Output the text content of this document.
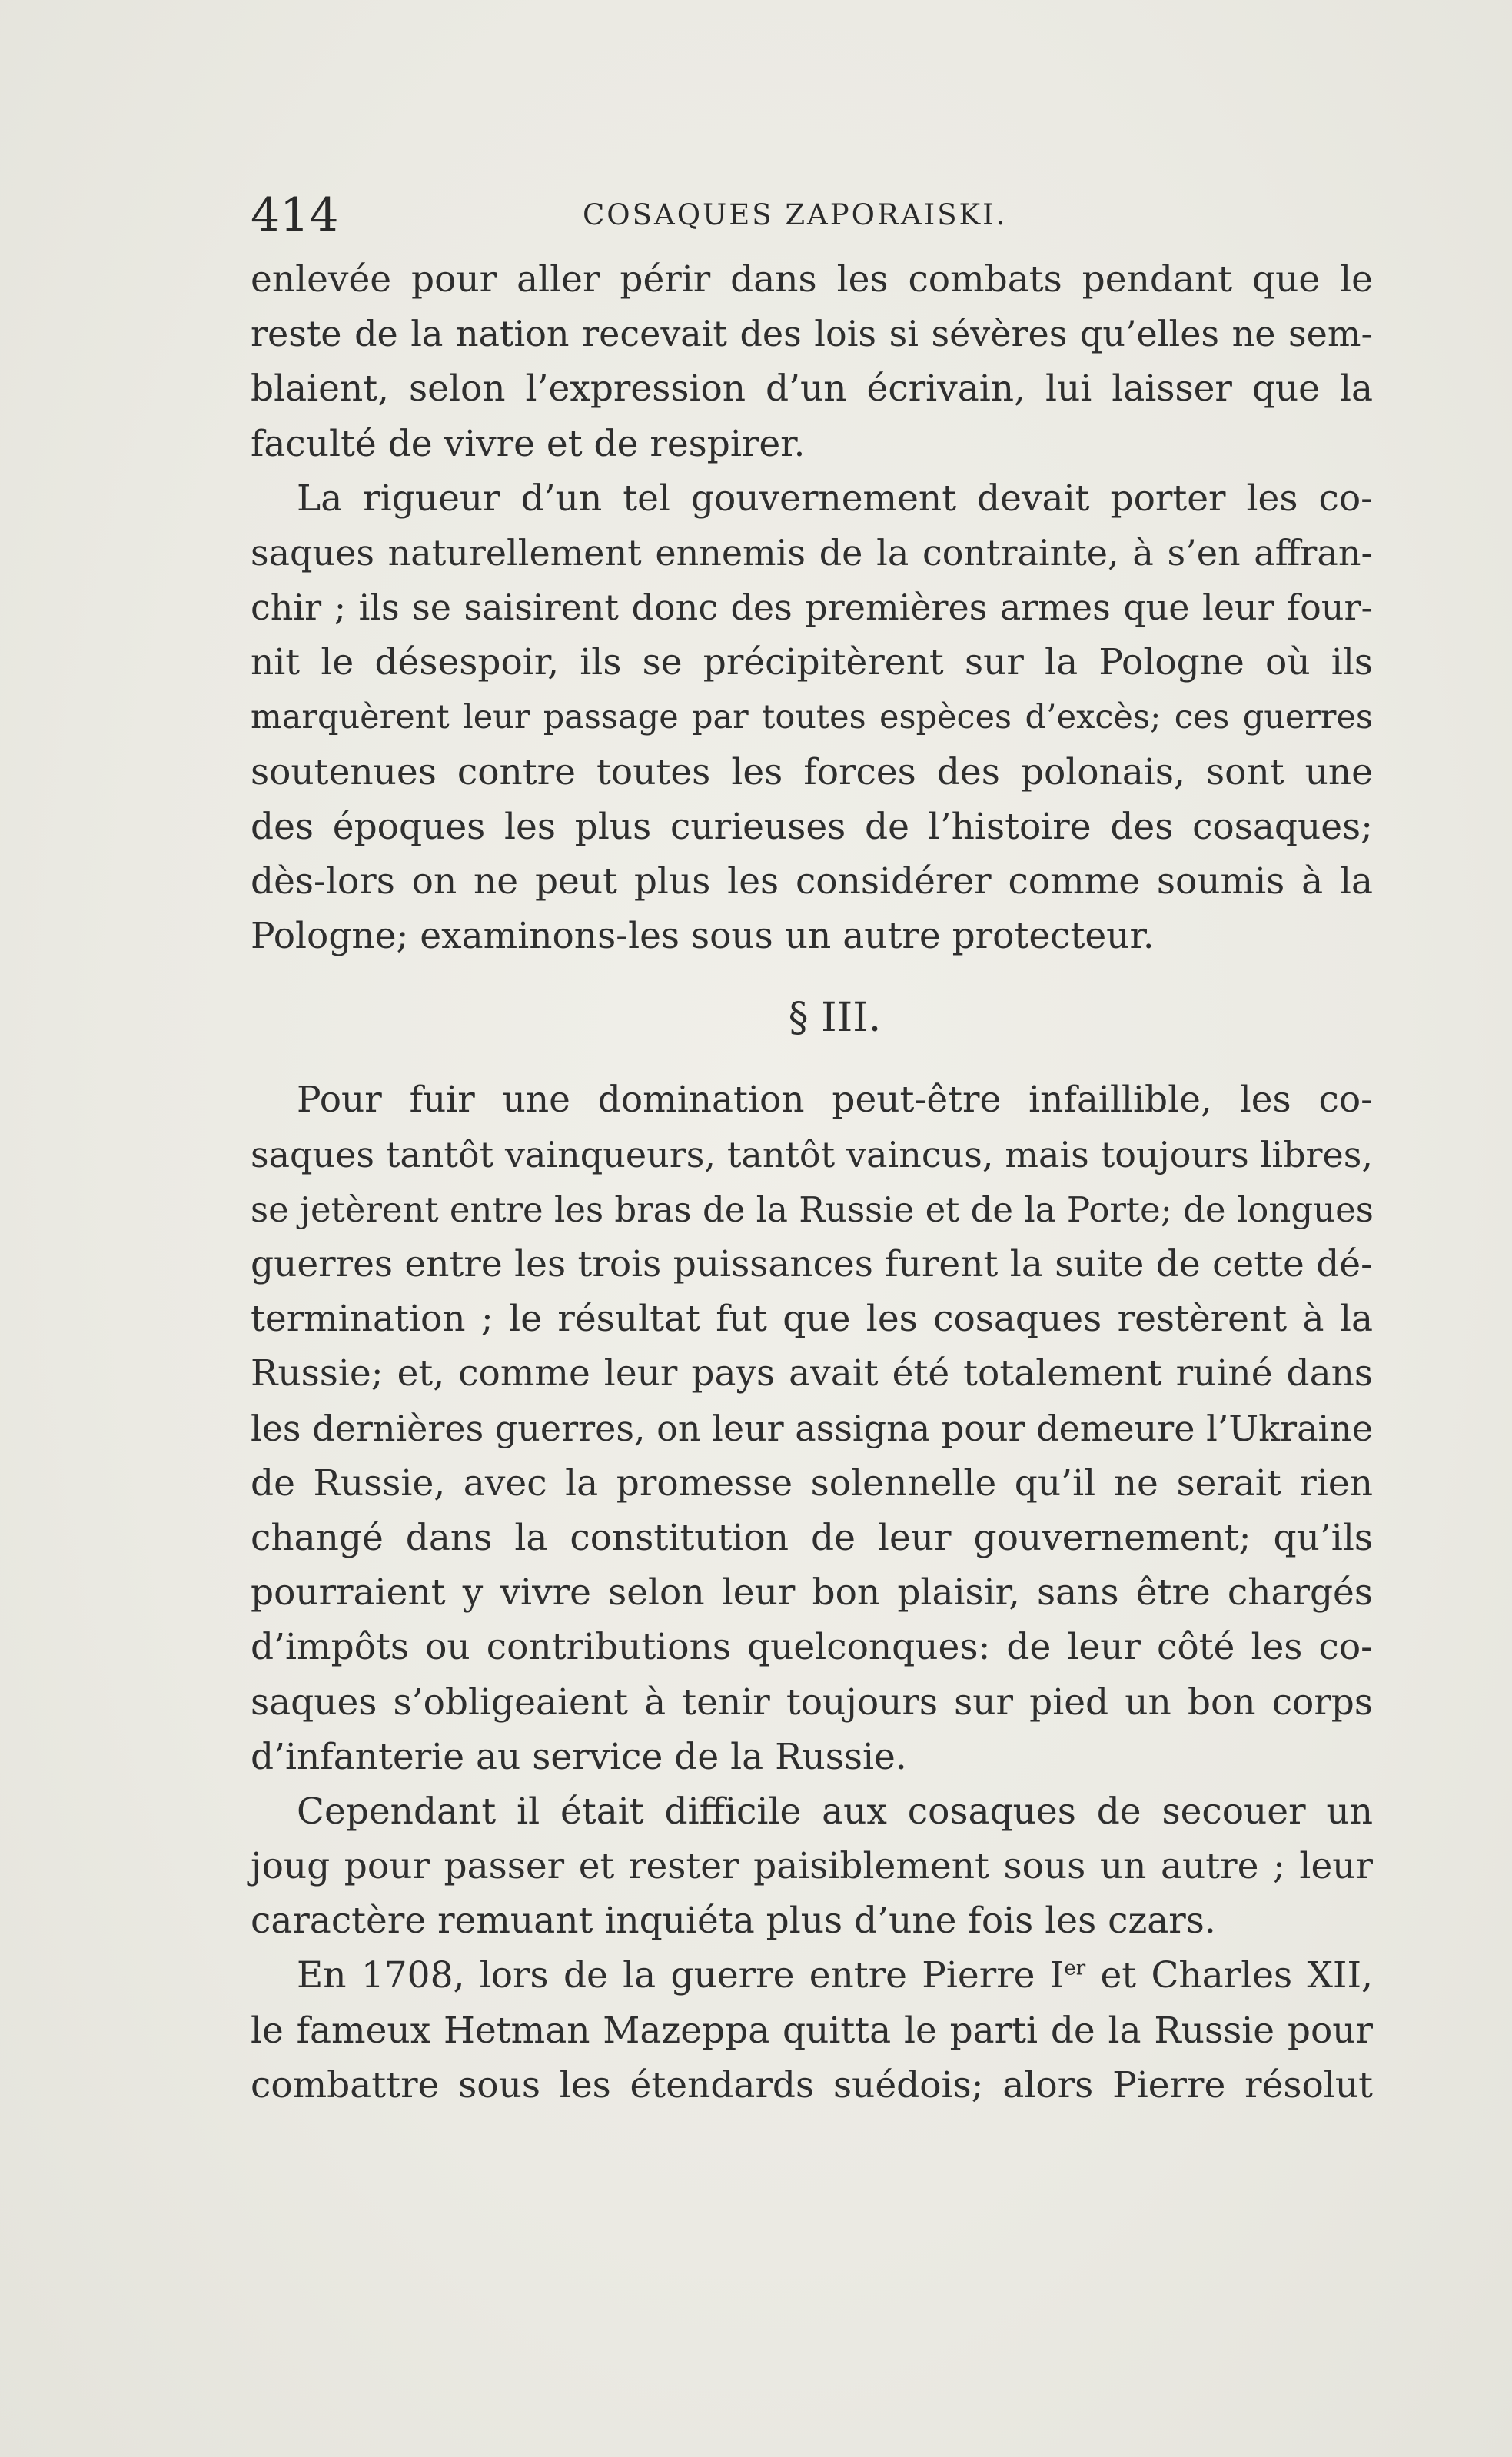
414	COSAQUES ZAPORAISKI.
enlevée pour aller périr dans les combats pendant que le
reste de la nation recevait des lois si sévères qu’elles ne sem-
blaient, selon l’expression d’un écrivain, lui laisser que la
faculté de vivre et de respirer.
La rigueur d’un tel gouvernement devait porter les co-
saques naturellement ennemis de la contrainte, à s’en affran-
chir ; ils se saisirent donc des premières armes que leur four-
nit le désespoir, ils se précipitèrent sur la Pologne où ils
marquèrent leur passage par toutes espèces d’excès; ces guerres
soutenues contre toutes les forces des polonais, sont une
des époques les plus curieuses de l’histoire des cosaques;
dès-lors on ne peut plus les considérer comme soumis à la
Pologne; examinons-les sous un autre protecteur.
§ III.
Pour fuir une domination peut-être infaillible, les co-
saques tantôt vainqueurs, tantôt vaincus, mais toujours libres,
se jetèrent entre les bras de la Russie et de la Porte; de longues
guerres entre les trois puissances furent la suite de cette dé-
termination ; le résultat fut que les cosaques restèrent à la
Russie; et, comme leur pays avait été totalement ruiné dans
les dernières guerres, on leur assigna pour demeure l’Ukraine
de Russie, avec la promesse solennelle qu’il ne serait rien
changé dans la constitution de leur gouvernement; qu’ils
pourraient y vivre selon leur bon plaisir, sans être chargés
d’impôts ou contributions quelconques: de leur côté les co-
saques s’obligeaient à tenir toujours sur pied un bon corps
d’infanterie au service de la Russie.
Cependant il était difficile aux cosaques de secouer un
joug pour passer et rester paisiblement sous un autre ; leur
caractère remuant inquiéta plus d’une fois les czars.
En 1708, lors de la guerre entre Pierre Ier et Charles XII,
le fameux Hetman Mazeppa quitta le parti de la Russie pour
combattre sous les étendards suédois; alors Pierre résolut
